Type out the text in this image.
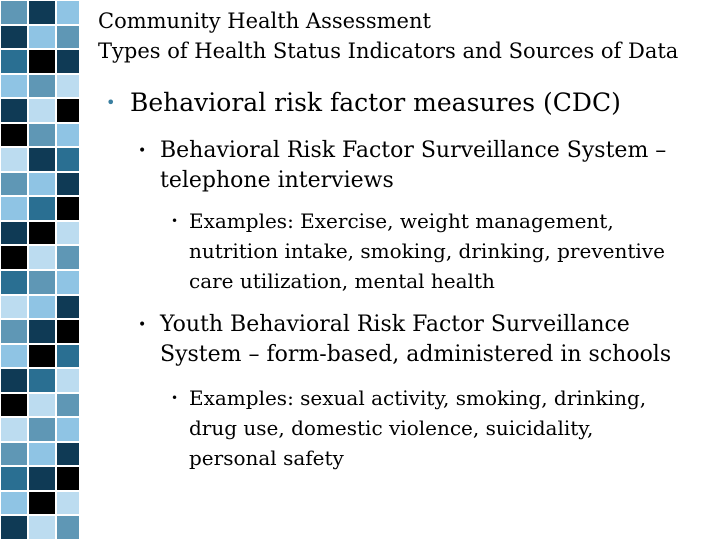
Community Health Assessment
Types of Health Status Indicators and Sources of Data
• Behavioral risk factor measures (CDC)
• Behavioral Risk Factor Surveillance System –
telephone interviews
• Examples: Exercise, weight management,
nutrition intake, smoking, drinking, preventive
care utilization, mental health
• Youth Behavioral Risk Factor Surveillance
System – form-based, administered in schools
• Examples: sexual activity, smoking, drinking,
drug use, domestic violence, suicidality,
personal safety
